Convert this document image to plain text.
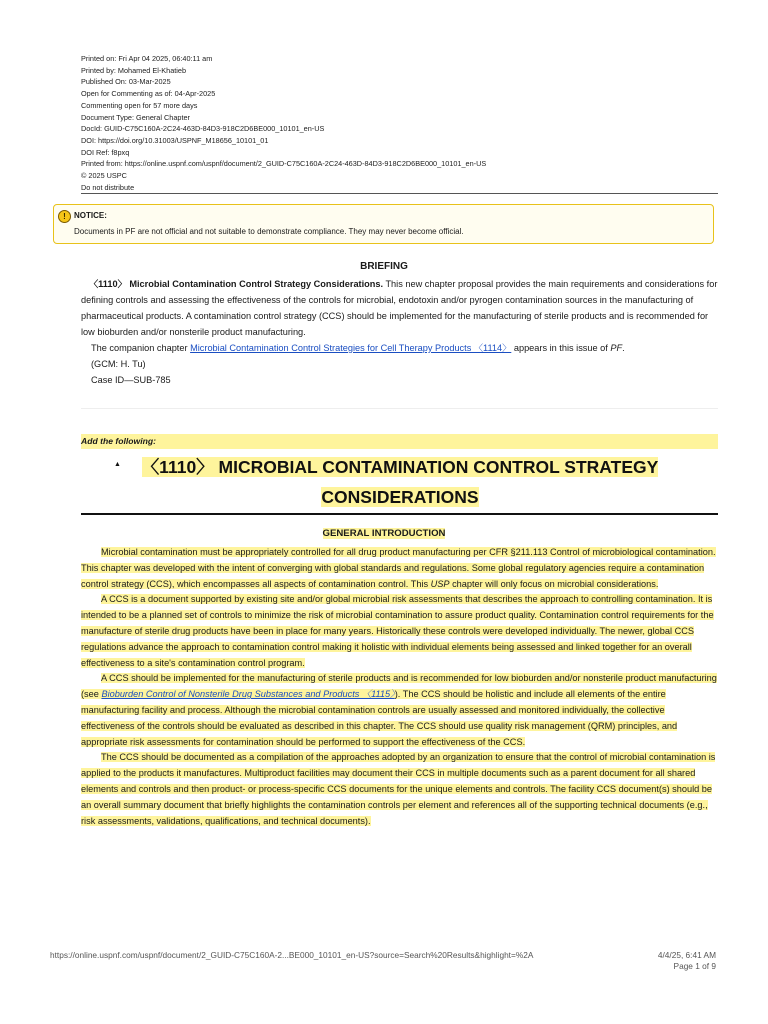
Printed on: Fri Apr 04 2025, 06:40:11 am
Printed by: Mohamed El-Khatieb
Published On: 03-Mar-2025
Open for Commenting as of: 04-Apr-2025
Commenting open for 57 more days
Document Type: General Chapter
DocId: GUID-C75C160A-2C24-463D-84D3-918C2D6BE000_10101_en-US
DOI: https://doi.org/10.31003/USPNF_M18656_10101_01
DOI Ref: f8pxq
Printed from: https://online.uspnf.com/uspnf/document/2_GUID-C75C160A-2C24-463D-84D3-918C2D6BE000_10101_en-US
© 2025 USPC
Do not distribute
!	NOTICE:
Documents in PF are not official and not suitable to demonstrate compliance. They may never become official.
BRIEFING

〈1110〉 Microbial Contamination Control Strategy Considerations. This new chapter proposal provides the main requirements and considerations for defining controls and assessing the effectiveness of the controls for microbial, endotoxin and/or pyrogen contamination sources in the manufacturing of pharmaceutical products. A contamination control strategy (CCS) should be implemented for the manufacturing of sterile products and is recommended for low bioburden and/or nonsterile product manufacturing.

The companion chapter Microbial Contamination Control Strategies for Cell Therapy Products 〈1114〉 appears in this issue of PF.
(GCM: H. Tu)
Case ID—SUB-785
Add the following:
▲	〈1110〉 MICROBIAL CONTAMINATION CONTROL STRATEGY
CONSIDERATIONS
GENERAL INTRODUCTION

Microbial contamination must be appropriately controlled for all drug product manufacturing per CFR §211.113 Control of microbiological contamination. This chapter was developed with the intent of converging with global standards and regulations. Some global regulatory agencies require a contamination control strategy (CCS), which encompasses all aspects of contamination control. This USP chapter will only focus on microbial considerations.

A CCS is a document supported by existing site and/or global microbial risk assessments that describes the approach to controlling contamination. It is intended to be a planned set of controls to minimize the risk of microbial contamination to assure product quality. Contamination control requirements for the manufacture of sterile drug products have been in place for many years. Historically these controls were developed individually. The newer, global CCS regulations advance the approach to contamination control making it holistic with individual elements being assessed and linked together for an overall effectiveness to a site's contamination control program.

A CCS should be implemented for the manufacturing of sterile products and is recommended for low bioburden and/or nonsterile product manufacturing (see Bioburden Control of Nonsterile Drug Substances and Products 〈1115〉). The CCS should be holistic and include all elements of the entire manufacturing facility and process. Although the microbial contamination controls are usually assessed and monitored individually, the collective effectiveness of the controls should be evaluated as described in this chapter. The CCS should use quality risk management (QRM) principles, and appropriate risk assessments for contamination should be performed to support the effectiveness of the CCS.

The CCS should be documented as a compilation of the approaches adopted by an organization to ensure that the control of microbial contamination is applied to the products it manufactures. Multiproduct facilities may document their CCS in multiple documents such as a parent document for all shared elements and controls and then product- or process-specific CCS documents for the unique elements and controls. The facility CCS document(s) should be an overall summary document that briefly highlights the contamination controls per element and references all of the supporting technical documents (e.g., risk assessments, validations, qualifications, and technical documents).

https://online.uspnf.com/uspnf/document/2_GUID-C75C160A-2...BE000_10101_en-US?source=Search%20Results&highlight=%2A	4/4/25, 6:41 AM
Page 1 of 9
